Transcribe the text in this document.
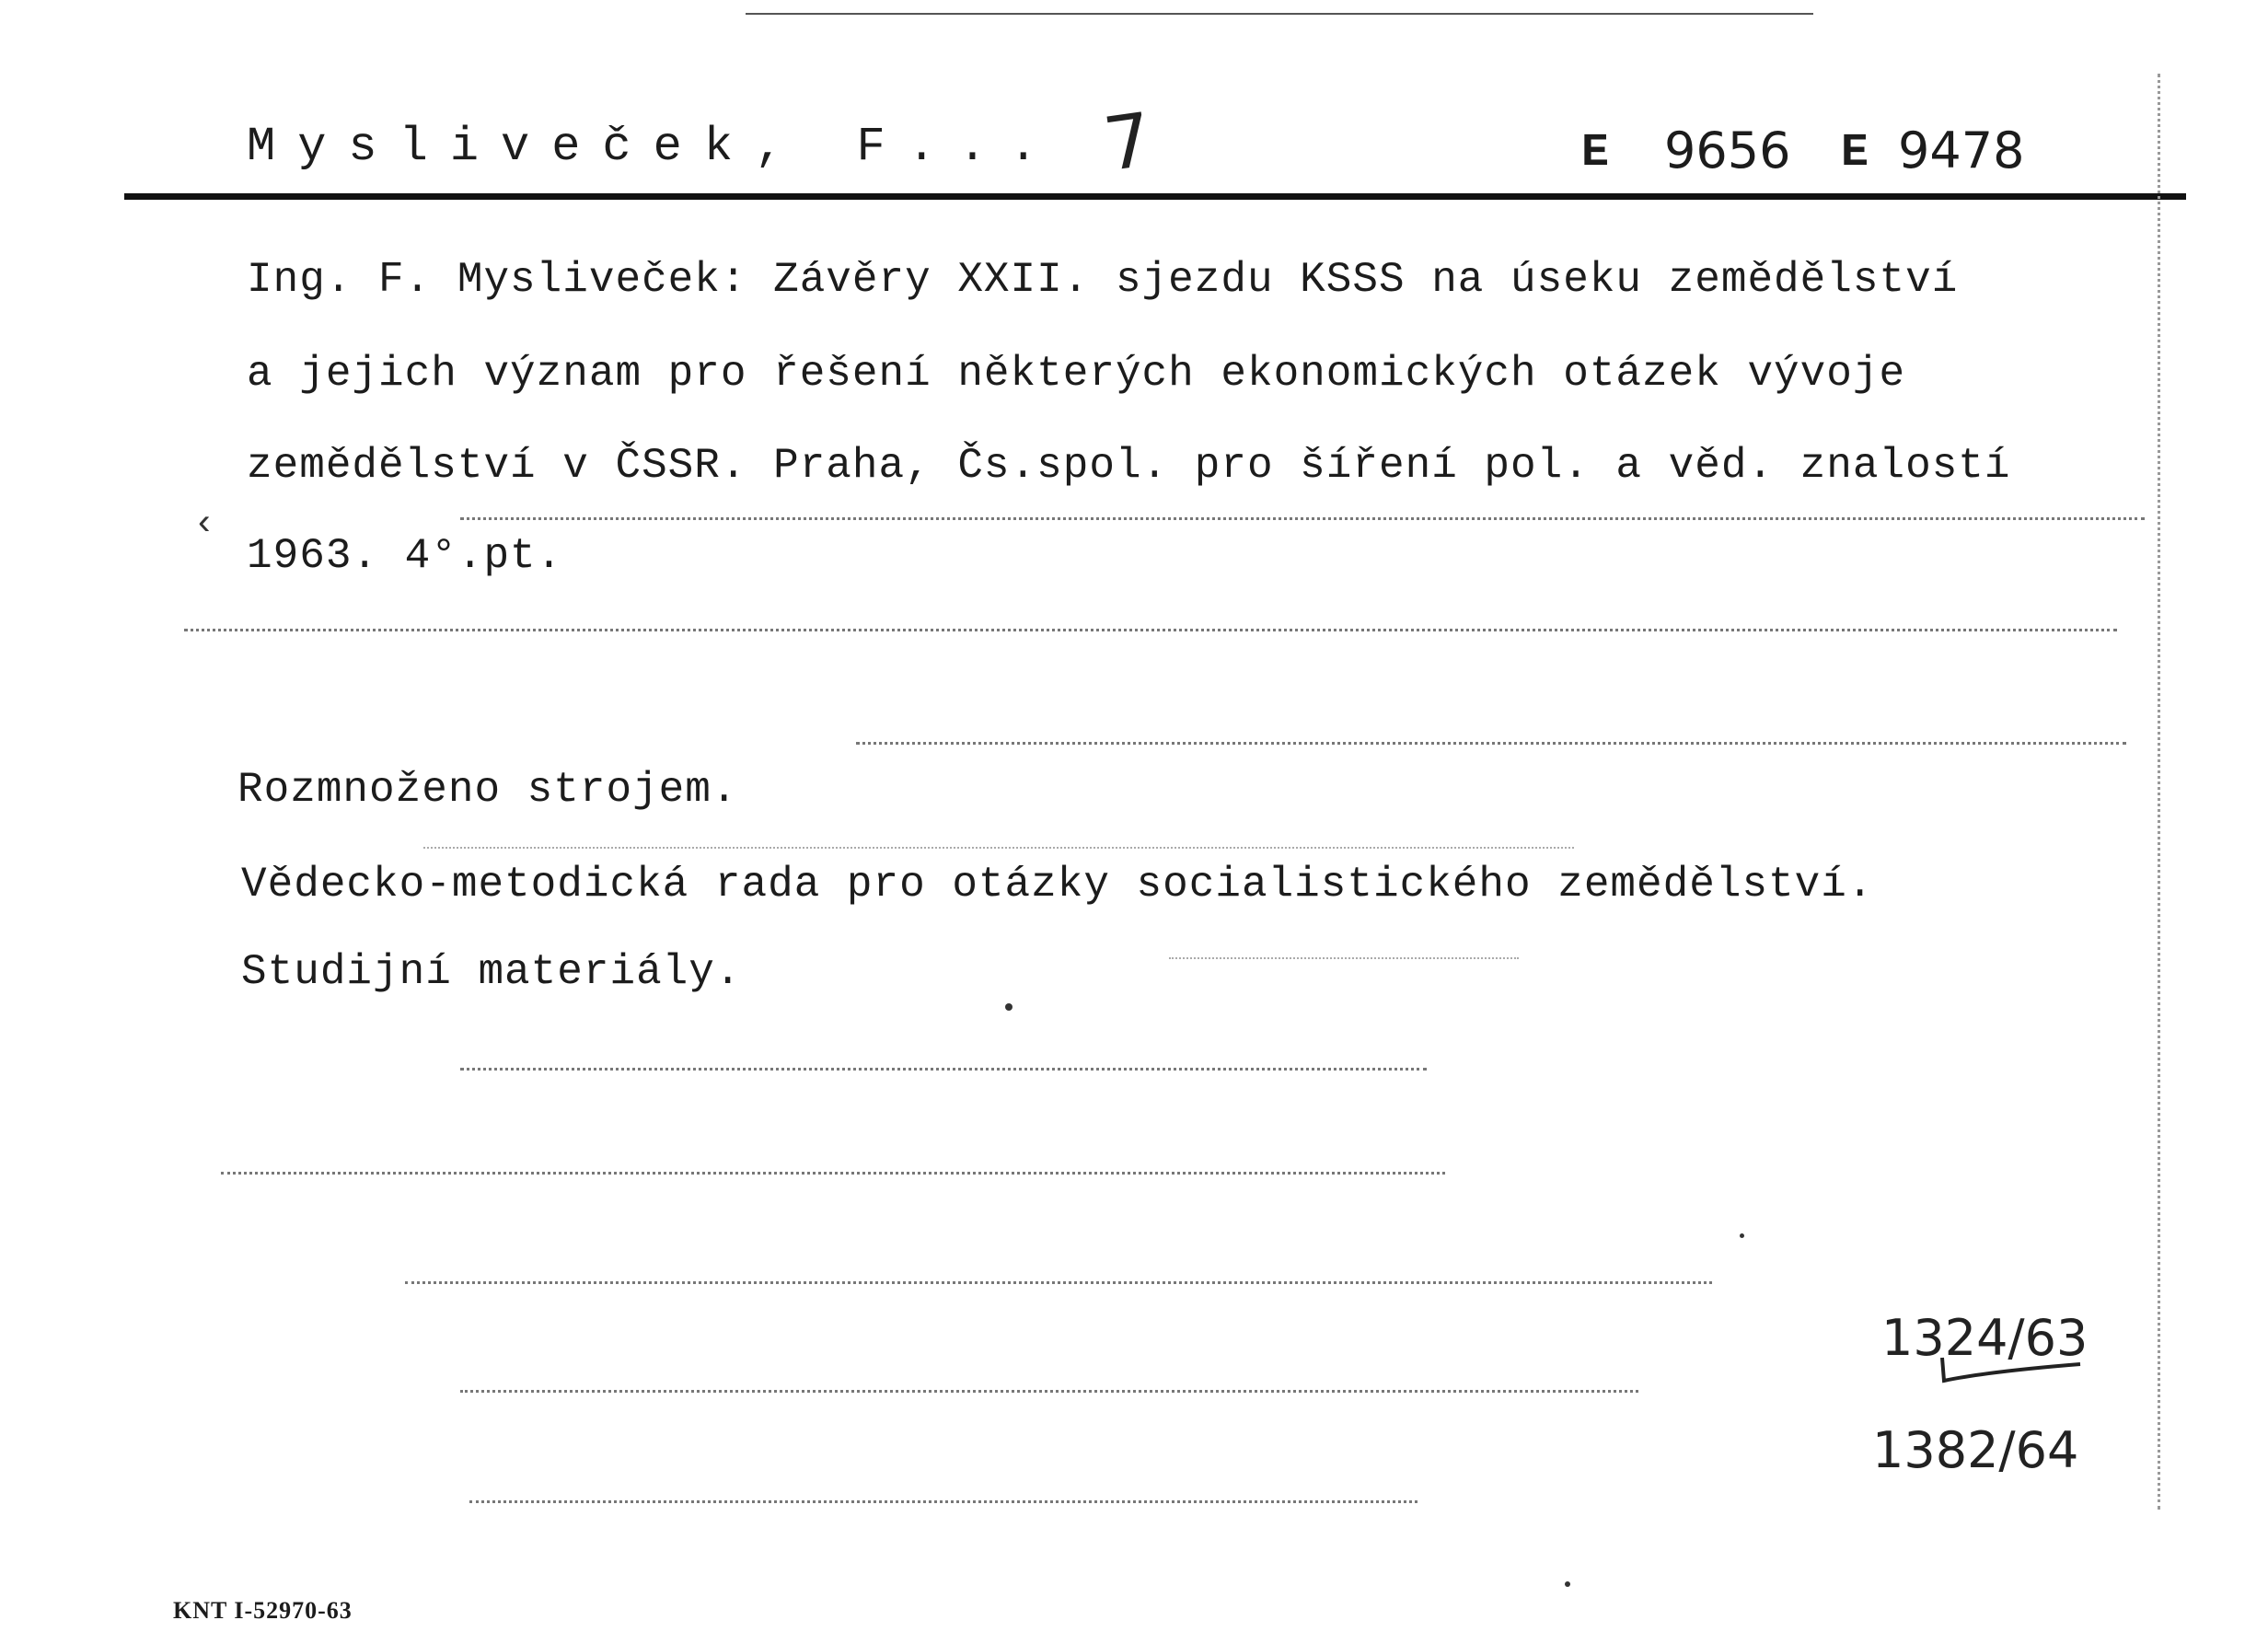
Mysliveček, F... 7	E 9656 E 9478
Ing. F. Mysliveček: Závěry XXII. sjezdu KSSS na úseku zemědělství
a jejich význam pro řešení některých ekonomických otázek vývoje
zemědělství v ČSSR. Praha, Čs.spol. pro šíření pol. a věd. znalostí
1963. 4°.pt.
‹
Rozmnoženo strojem.
Vědecko-metodická rada pro otázky socialistického zemědělství.
Studijní materiály.
1324/63
1382/64
KNT I-52970-63
